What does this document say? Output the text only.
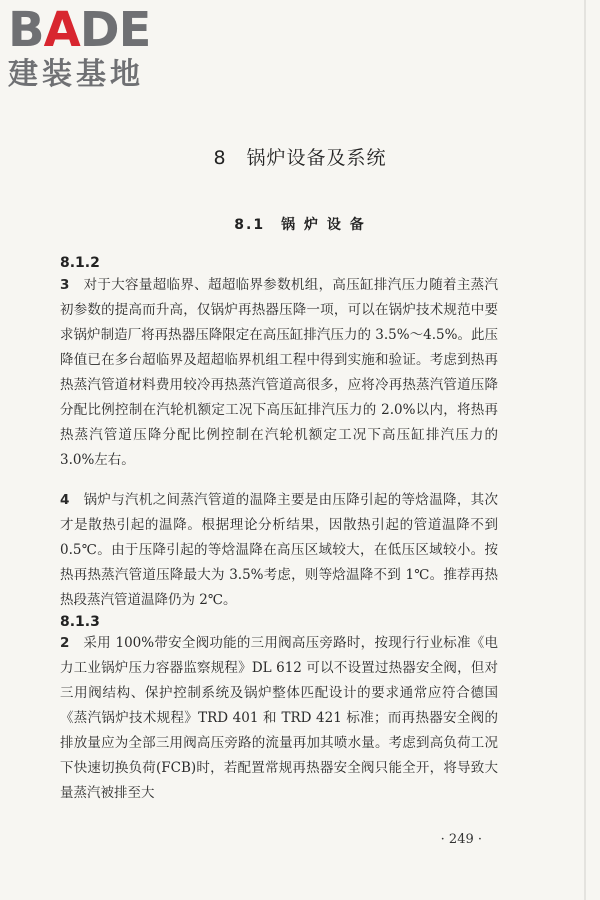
BADE
建装基地
8　锅炉设备及系统
8.1　锅 炉 设 备
8.1.2

3　 对于大容量超临界、超超临界参数机组，高压缸排汽压力随着主蒸汽初参数的提高而升高，仅锅炉再热器压降一项，可以在锅炉技术规范中要求锅炉制造厂将再热器压降限定在高压缸排汽压力的 3.5%～4.5%。此压降值已在多台超临界及超超临界机组工程中得到实施和验证。考虑到热再热蒸汽管道材料费用较冷再热蒸汽管道高很多，应将冷再热蒸汽管道压降分配比例控制在汽轮机额定工况下高压缸排汽压力的 2.0%以内，将热再热蒸汽管道压降分配比例控制在汽轮机额定工况下高压缸排汽压力的 3.0%左右。

4　 锅炉与汽机之间蒸汽管道的温降主要是由压降引起的等焓温降，其次才是散热引起的温降。根据理论分析结果，因散热引起的管道温降不到 0.5℃。由于压降引起的等焓温降在高压区域较大，在低压区域较小。按热再热蒸汽管道压降最大为 3.5%考虑，则等焓温降不到 1℃。推荐再热热段蒸汽管道温降仍为 2℃。

8.1.3

2　 采用 100%带安全阀功能的三用阀高压旁路时，按现行行业标准《电力工业锅炉压力容器监察规程》DL 612 可以不设置过热器安全阀，但对三用阀结构、保护控制系统及锅炉整体匹配设计的要求通常应符合德国《蒸汽锅炉技术规程》TRD 401 和 TRD 421 标准；而再热器安全阀的排放量应为全部三用阀高压旁路的流量再加其喷水量。考虑到高负荷工况下快速切换负荷(FCB)时，若配置常规再热器安全阀只能全开，将导致大量蒸汽被排至大

· 249 ·
